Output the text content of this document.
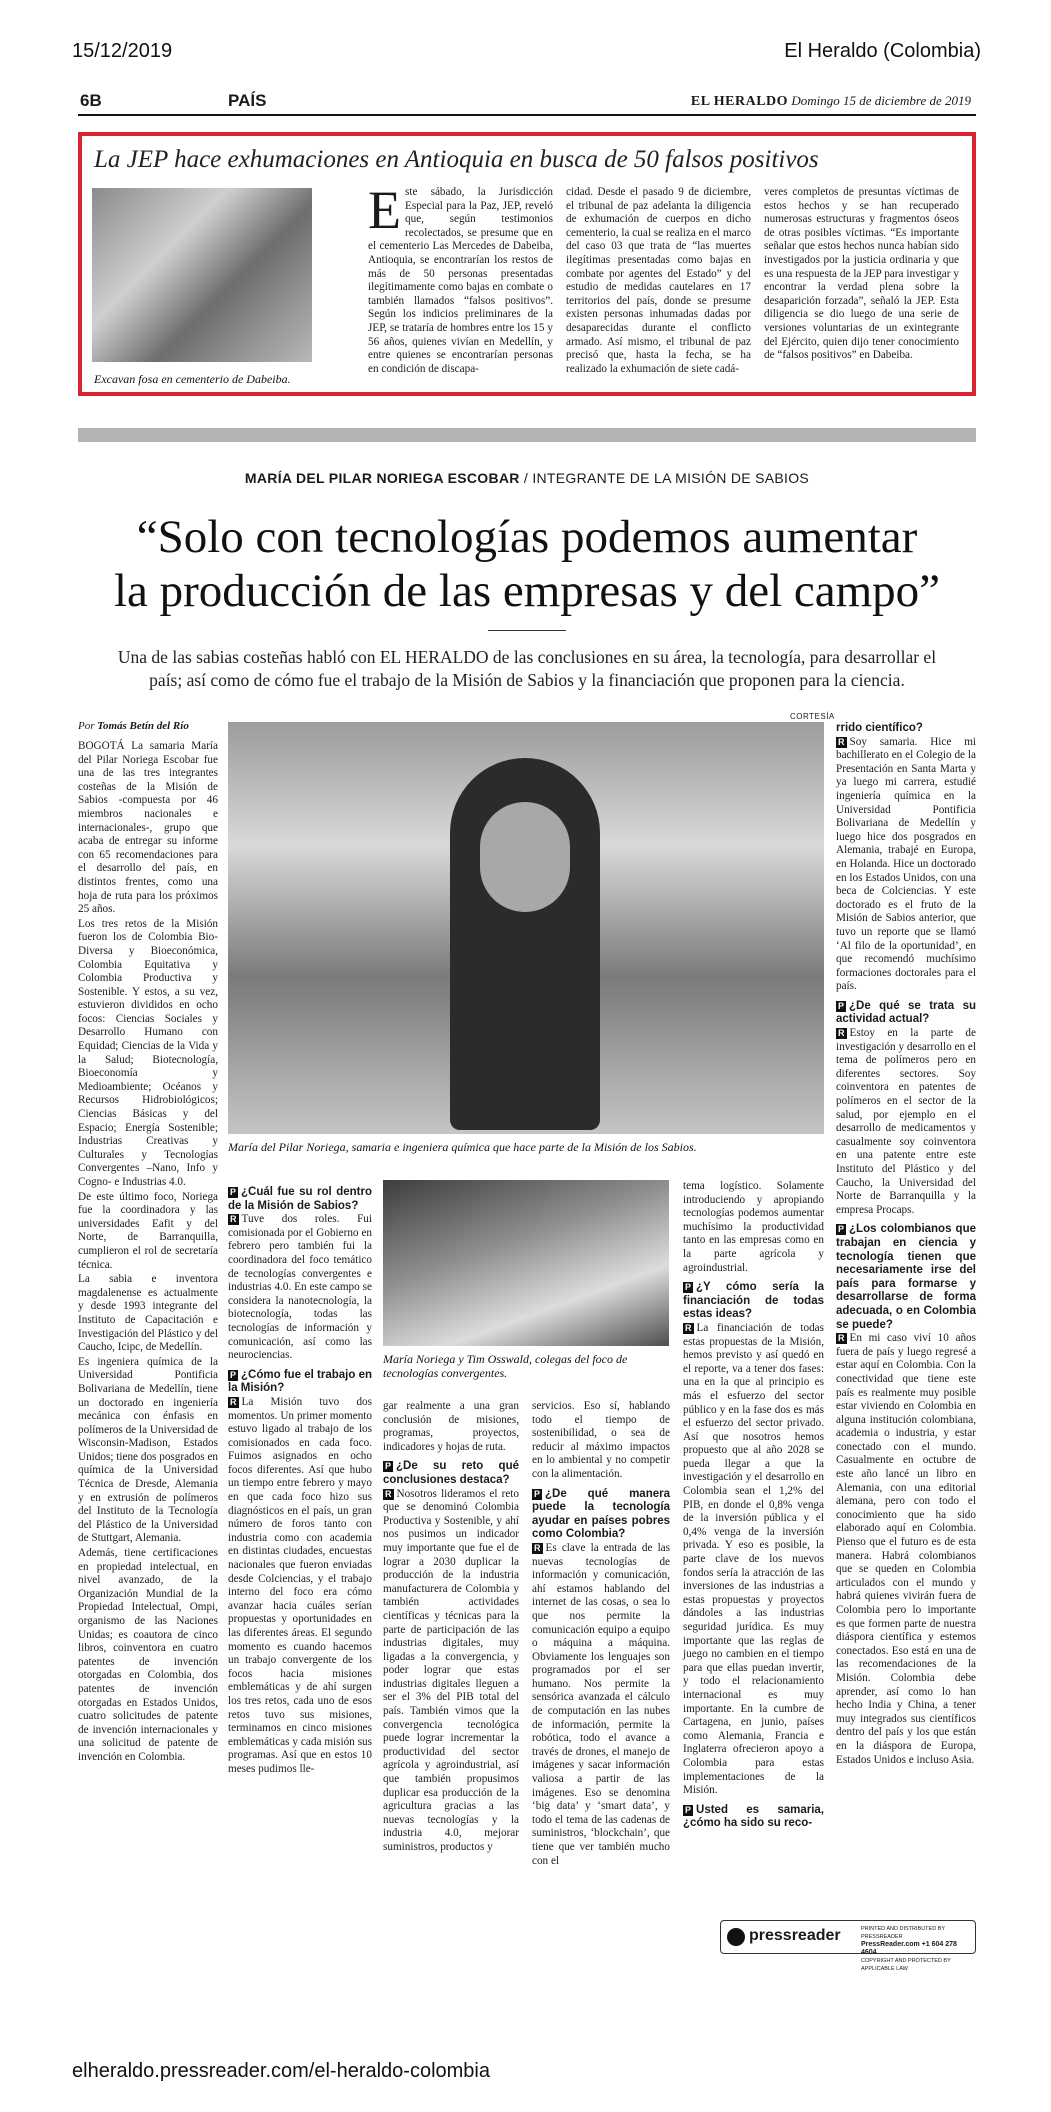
15/12/2019	El Heraldo (Colombia)
6B	PAÍS	EL HERALDO Domingo 15 de diciembre de 2019
La JEP hace exhumaciones en Antioquia en busca de 50 falsos positivos
Excavan fosa en cementerio de Dabeiba.
Este sábado, la Jurisdicción Especial para la Paz, JEP, reveló que, según testimonios recolectados, se presume que en el cementerio Las Mercedes de Dabeiba, Antioquia, se encontrarían los restos de más de 50 personas presentadas ilegítimamente como bajas en combate o también llamados “falsos positivos”. Según los indicios preliminares de la JEP, se trataría de hombres entre los 15 y 56 años, quienes vivían en Medellín, y entre quienes se encontrarían personas en condición de discapa-
cidad. Desde el pasado 9 de diciembre, el tribunal de paz adelanta la diligencia de exhumación de cuerpos en dicho cementerio, la cual se realiza en el marco del caso 03 que trata de “las muertes ilegítimas presentadas como bajas en combate por agentes del Estado” y del estudio de medidas cautelares en 17 territorios del país, donde se presume existen personas inhumadas dadas por desaparecidas durante el conflicto armado. Así mismo, el tribunal de paz precisó que, hasta la fecha, se ha realizado la exhumación de siete cadá-
veres completos de presuntas víctimas de estos hechos y se han recuperado numerosas estructuras y fragmentos óseos de otras posibles víctimas. “Es importante señalar que estos hechos nunca habían sido investigados por la justicia ordinaria y que es una respuesta de la JEP para investigar y encontrar la verdad plena sobre la desaparición forzada”, señaló la JEP. Esta diligencia se dio luego de una serie de versiones voluntarias de un exintegrante del Ejército, quien dijo tener conocimiento de “falsos positivos” en Dabeiba.
MARÍA DEL PILAR NORIEGA ESCOBAR / INTEGRANTE DE LA MISIÓN DE SABIOS
“Solo con tecnologías podemos aumentar
la producción de las empresas y del campo”
Una de las sabias costeñas habló con EL HERALDO de las conclusiones en su área, la tecnología, para desarrollar el país; así como de cómo fue el trabajo de la Misión de Sabios y la financiación que proponen para la ciencia.
Por Tomás Betín del Río
CORTESÍA
María del Pilar Noriega, samaria e ingeniera química que hace parte de la Misión de los Sabios.
María Noriega y Tim Osswald, colegas del foco de tecnologías convergentes.

BOGOTÁ La samaria María del Pilar Noriega Escobar fue una de las tres integrantes costeñas de la Misión de Sabios -compuesta por 46 miembros nacionales e internacionales-, grupo que acaba de entregar su informe con 65 recomendaciones para el desarrollo del país, en distintos frentes, como una hoja de ruta para los próximos 25 años.

Los tres retos de la Misión fueron los de Colombia Bio-Diversa y Bioeconómica, Colombia Equitativa y Colombia Productiva y Sostenible. Y estos, a su vez, estuvieron divididos en ocho focos: Ciencias Sociales y Desarrollo Humano con Equidad; Ciencias de la Vida y la Salud; Biotecnología, Bioeconomía y Medioambiente; Océanos y Recursos Hidrobiológicos; Ciencias Básicas y del Espacio; Energía Sostenible; Industrias Creativas y Culturales y Tecnologías Convergentes –Nano, Info y Cogno- e Industrias 4.0.

De este último foco, Noriega fue la coordinadora y las universidades Eafit y del Norte, de Barranquilla, cumplieron el rol de secretaría técnica.

La sabia e inventora magdalenense es actualmente y desde 1993 integrante del Instituto de Capacitación e Investigación del Plástico y del Caucho, Icipc, de Medellín.

Es ingeniera química de la Universidad Pontificia Bolivariana de Medellín, tiene un doctorado en ingeniería mecánica con énfasis en polímeros de la Universidad de Wisconsin-Madison, Estados Unidos; tiene dos posgrados en química de la Universidad Técnica de Dresde, Alemania y en extrusión de polímeros del Instituto de la Tecnología del Plástico de la Universidad de Stuttgart, Alemania.

Además, tiene certificaciones en propiedad intelectual, en nivel avanzado, de la Organización Mundial de la Propiedad Intelectual, Ompi, organismo de las Naciones Unidas; es coautora de cinco libros, coinventora en cuatro patentes de invención otorgadas en Colombia, dos patentes de invención otorgadas en Estados Unidos, cuatro solicitudes de patente de invención internacionales y una solicitud de patente de invención en Colombia.

P ¿Cuál fue su rol dentro de la Misión de Sabios?

R Tuve dos roles. Fui comisionada por el Gobierno en febrero pero también fui la coordinadora del foco temático de tecnologías convergentes e industrias 4.0. En este campo se considera la nanotecnología, la biotecnología, todas las tecnologías de información y comunicación, así como las neurociencias.

P ¿Cómo fue el trabajo en la Misión?

R La Misión tuvo dos momentos. Un primer momento estuvo ligado al trabajo de los comisionados en cada foco. Fuimos asignados en ocho focos diferentes. Así que hubo un tiempo entre febrero y mayo en que cada foco hizo sus diagnósticos en el país, un gran número de foros tanto con industria como con academia en distintas ciudades, encuestas nacionales que fueron enviadas desde Colciencias, y el trabajo interno del foco era cómo avanzar hacia cuáles serían propuestas y oportunidades en las diferentes áreas. El segundo momento es cuando hacemos un trabajo convergente de los focos hacia misiones emblemáticas y de ahí surgen los tres retos, cada uno de esos retos tuvo sus misiones, terminamos en cinco misiones emblemáticas y cada misión sus programas. Así que en estos 10 meses pudimos lle-

gar realmente a una gran conclusión de misiones, programas, proyectos, indicadores y hojas de ruta.

P ¿De su reto qué conclusiones destaca?

R Nosotros lideramos el reto que se denominó Colombia Productiva y Sostenible, y ahí nos pusimos un indicador muy importante que fue el de lograr a 2030 duplicar la producción de la industria manufacturera de Colombia y también actividades científicas y técnicas para la parte de participación de las industrias digitales, muy ligadas a la convergencia, y poder lograr que estas industrias digitales lleguen a ser el 3% del PIB total del país. También vimos que la convergencia tecnológica puede lograr incrementar la productividad del sector agrícola y agroindustrial, así que también propusimos duplicar esa producción de la agricultura gracias a las nuevas tecnologías y la industria 4.0, mejorar suministros, productos y

servicios. Eso sí, hablando todo el tiempo de sostenibilidad, o sea de reducir al máximo impactos en lo ambiental y no competir con la alimentación.

P ¿De qué manera puede la tecnología ayudar en países pobres como Colombia?

R Es clave la entrada de las nuevas tecnologías de información y comunicación, ahí estamos hablando del internet de las cosas, o sea lo que nos permite la comunicación equipo a equipo o máquina a máquina. Obviamente los lenguajes son programados por el ser humano. Nos permite la sensórica avanzada el cálculo de computación en las nubes de información, permite la robótica, todo el avance a través de drones, el manejo de imágenes y sacar información valiosa a partir de las imágenes. Eso se denomina ‘big data’ y ‘smart data’, y todo el tema de las cadenas de suministros, ‘blockchain’, que tiene que ver también mucho con el

tema logístico. Solamente introduciendo y apropiando tecnologías podemos aumentar muchísimo la productividad tanto en las empresas como en la parte agrícola y agroindustrial.

P ¿Y cómo sería la financiación de todas estas ideas?

R La financiación de todas estas propuestas de la Misión, hemos previsto y así quedó en el reporte, va a tener dos fases: una en la que al principio es más el esfuerzo del sector público y en la fase dos es más el esfuerzo del sector privado. Así que nosotros hemos propuesto que al año 2028 se pueda llegar a que la investigación y el desarrollo en Colombia sean el 1,2% del PIB, en donde el 0,8% venga de la inversión pública y el 0,4% venga de la inversión privada. Y eso es posible, la parte clave de los nuevos fondos sería la atracción de las inversiones de las industrias a estas propuestas y proyectos dándoles a las industrias seguridad jurídica. Es muy importante que las reglas de juego no cambien en el tiempo para que ellas puedan invertir, y todo el relacionamiento internacional es muy importante. En la cumbre de Cartagena, en junio, países como Alemania, Francia e Inglaterra ofrecieron apoyo a Colombia para estas implementaciones de la Misión.

P Usted es samaria, ¿cómo ha sido su reco-
rrido científico?

R Soy samaria. Hice mi bachillerato en el Colegio de la Presentación en Santa Marta y ya luego mi carrera, estudié ingeniería química en la Universidad Pontificia Bolivariana de Medellín y luego hice dos posgrados en Alemania, trabajé en Europa, en Holanda. Hice un doctorado en los Estados Unidos, con una beca de Colciencias. Y este doctorado es el fruto de la Misión de Sabios anterior, que tuvo un reporte que se llamó ‘Al filo de la oportunidad’, en que recomendó muchísimo formaciones doctorales para el país.

P ¿De qué se trata su actividad actual?

R Estoy en la parte de investigación y desarrollo en el tema de polímeros pero en diferentes sectores. Soy coinventora en patentes de polímeros en el sector de la salud, por ejemplo en el desarrollo de medicamentos y casualmente soy coinventora en una patente entre este Instituto del Plástico y del Caucho, la Universidad del Norte de Barranquilla y la empresa Procaps.

P ¿Los colombianos que trabajan en ciencia y tecnología tienen que necesariamente irse del país para formarse y desarrollarse de forma adecuada, o en Colombia se puede?

R En mi caso viví 10 años fuera de país y luego regresé a estar aquí en Colombia. Con la conectividad que tiene este país es realmente muy posible estar viviendo en Colombia en alguna institución colombiana, academia o industria, y estar conectado con el mundo. Casualmente en octubre de este año lancé un libro en Alemania, con una editorial alemana, pero con todo el conocimiento que ha sido elaborado aquí en Colombia. Pienso que el futuro es de esta manera. Habrá colombianos que se queden en Colombia articulados con el mundo y habrá quienes vivirán fuera de Colombia pero lo importante es que formen parte de nuestra diáspora científica y estemos conectados. Eso está en una de las recomendaciones de la Misión. Colombia debe aprender, así como lo han hecho India y China, a tener muy integrados sus científicos dentro del país y los que están en la diáspora de Europa, Estados Unidos e incluso Asia.

pressreader	PRINTED AND DISTRIBUTED BY PRESSREADER
PressReader.com +1 604 278 4604
COPYRIGHT AND PROTECTED BY APPLICABLE LAW
elheraldo.pressreader.com/el-heraldo-colombia
